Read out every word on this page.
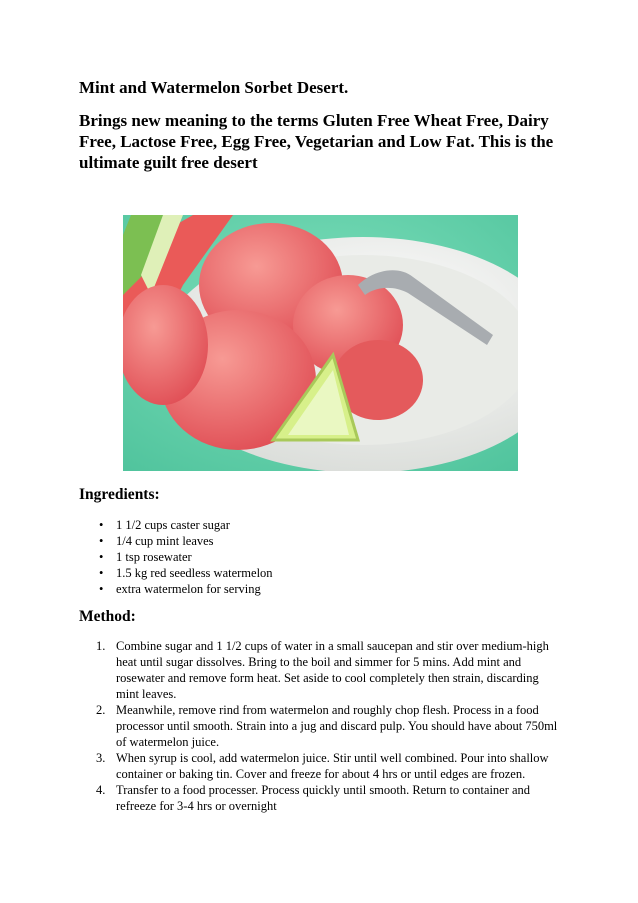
Mint and Watermelon Sorbet Desert.
Brings new meaning to the terms Gluten Free Wheat Free, Dairy Free, Lactose Free, Egg Free, Vegetarian and Low Fat. This is the ultimate guilt free desert
Ingredients:
• 1 1/2 cups caster sugar
• 1/4 cup mint leaves
• 1 tsp rosewater
• 1.5 kg red seedless watermelon
• extra watermelon for serving
Method:
1. Combine sugar and 1 1/2 cups of water in a small saucepan and stir over medium-high heat until sugar dissolves. Bring to the boil and simmer for 5 mins. Add mint and rosewater and remove form heat. Set aside to cool completely then strain, discarding mint leaves.
2. Meanwhile, remove rind from watermelon and roughly chop flesh. Process in a food processor until smooth. Strain into a jug and discard pulp. You should have about 750ml of watermelon juice.
3. When syrup is cool, add watermelon juice. Stir until well combined. Pour into shallow container or baking tin. Cover and freeze for about 4 hrs or until edges are frozen.
4. Transfer to a food processer. Process quickly until smooth. Return to container and refreeze for 3-4 hrs or overnight
